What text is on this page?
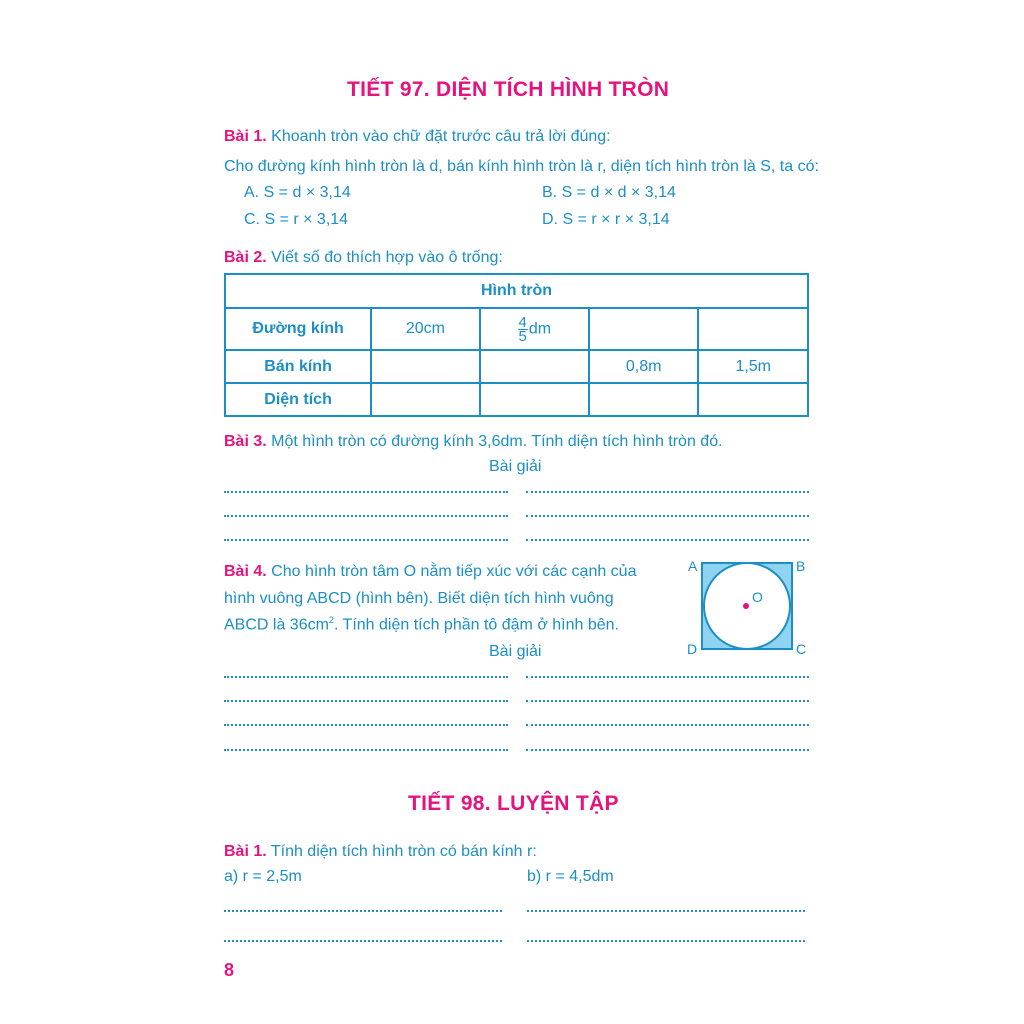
TIẾT 97. DIỆN TÍCH HÌNH TRÒN
Bài 1. Khoanh tròn vào chữ đặt trước câu trả lời đúng:
Cho đường kính hình tròn là d, bán kính hình tròn là r, diện tích hình tròn là S, ta có:
A. S = d × 3,14	B. S = d × d × 3,14
C. S = r × 3,14	D. S = r × r × 3,14
Bài 2. Viết số đo thích hợp vào ô trống:
Hình tròn				
Đường kính	20cm	$\frac{4}{5}$ dm		
Bán kính			0,8m	1,5m
Diện tích				
Bài 3. Một hình tròn có đường kính 3,6dm. Tính diện tích hình tròn đó.
Bài giải
Bài 4. Cho hình tròn tâm O nằm tiếp xúc với các cạnh của
hình vuông ABCD (hình bên). Biết diện tích hình vuông
ABCD là $36cm^2$. Tính diện tích phần tô đậm ở hình bên.
Bài giải
A	B
C
D
O
TIẾT 98. LUYỆN TẬP
Bài 1. Tính diện tích hình tròn có bán kính r:
a) r = 2,5m	b) r = 4,5dm
8
